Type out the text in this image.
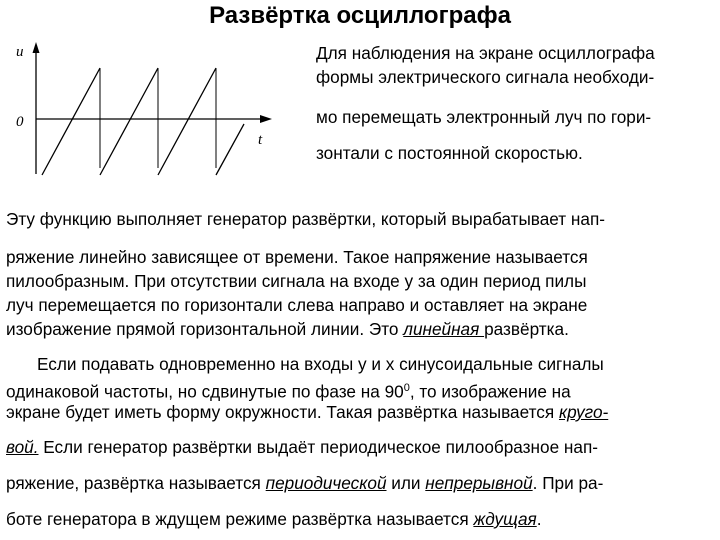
Развёртка осциллографа
u
0
t
Для наблюдения на экране осциллографа
формы электрического сигнала необходи-
мо перемещать электронный луч по гори-
зонтали с постоянной скоростью.
Эту функцию выполняет генератор развёртки, который вырабатывает нап-
ряжение линейно зависящее от времени. Такое напряжение называется
пилообразным. При отсутствии сигнала на входе y за один период пилы
луч перемещается по горизонтали слева направо и оставляет на экране
изображение прямой горизонтальной линии. Это линейная развёртка.
Если подавать одновременно на входы y и x синусоидальные сигналы
одинаковой частоты, но сдвинутые по фазе на $90^0$, то изображение на
экране будет иметь форму окружности. Такая развёртка называется круго-
вой. Если генератор развёртки выдаёт периодическое пилообразное нап-
ряжение, развёртка называется периодической или непрерывной. При ра-
боте генератора в ждущем режиме развёртка называется ждущая.
